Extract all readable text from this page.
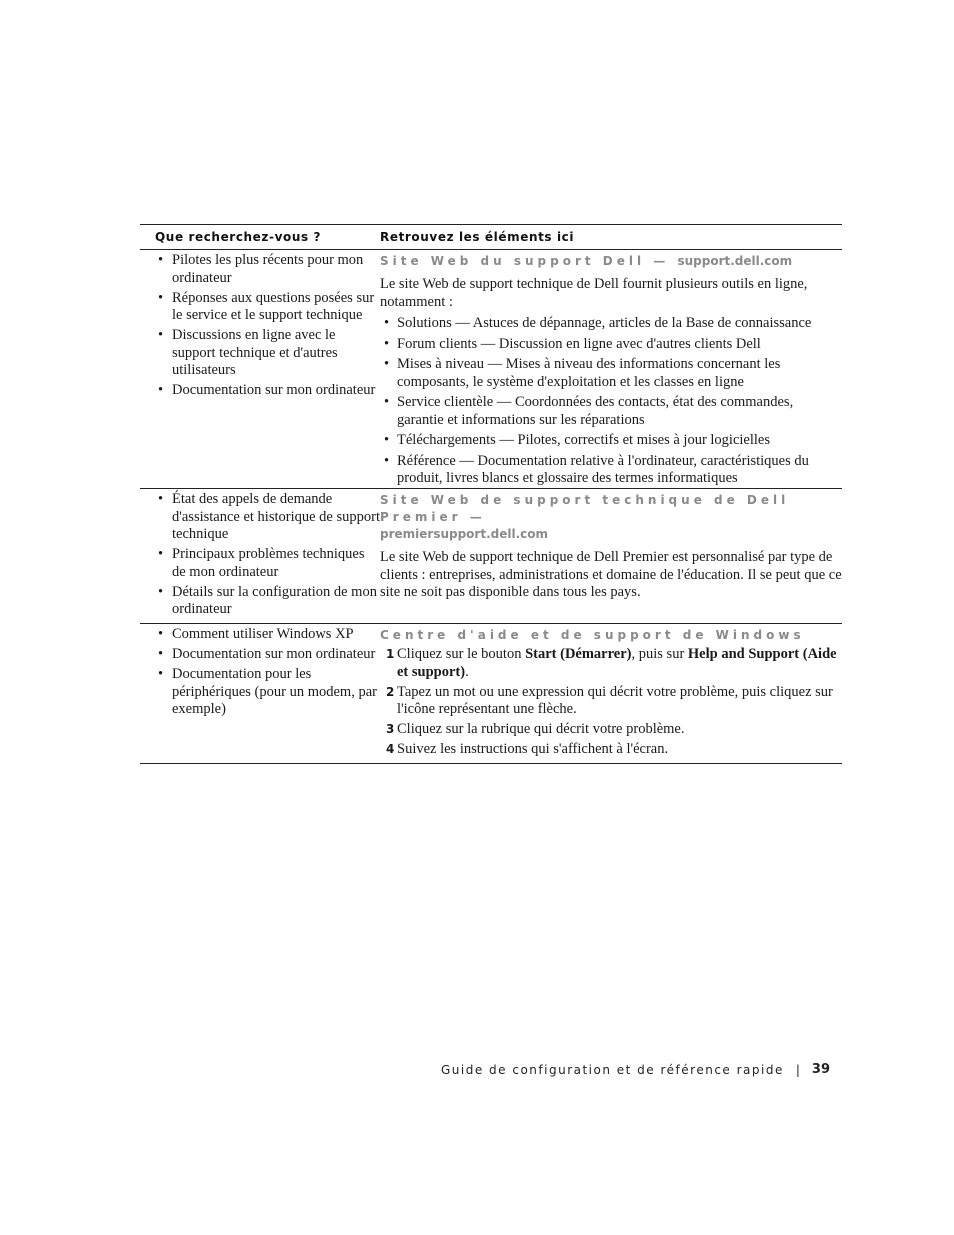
Que recherchez-vous ?	Retrouvez les éléments ici
• Pilotes les plus récents pour mon ordinateur
• Réponses aux questions posées sur le service et le support technique
• Discussions en ligne avec le support technique et d'autres utilisateurs
• Documentation sur mon ordinateur
Site Web du support Dell — support.dell.com
Le site Web de support technique de Dell fournit plusieurs outils en ligne, notamment :
• Solutions — Astuces de dépannage, articles de la Base de connaissance
• Forum clients — Discussion en ligne avec d'autres clients Dell
• Mises à niveau — Mises à niveau des informations concernant les composants, le système d'exploitation et les classes en ligne
• Service clientèle — Coordonnées des contacts, état des commandes, garantie et informations sur les réparations
• Téléchargements — Pilotes, correctifs et mises à jour logicielles
• Référence — Documentation relative à l'ordinateur, caractéristiques du produit, livres blancs et glossaire des termes informatiques
• État des appels de demande d'assistance et historique de support technique
• Principaux problèmes techniques de mon ordinateur
• Détails sur la configuration de mon ordinateur
Site Web de support technique de Dell Premier —
premiersupport.dell.com
Le site Web de support technique de Dell Premier est personnalisé par type de clients : entreprises, administrations et domaine de l'éducation. Il se peut que ce site ne soit pas disponible dans tous les pays.
• Comment utiliser Windows XP
• Documentation sur mon ordinateur
• Documentation pour les périphériques (pour un modem, par exemple)
Centre d'aide et de support de Windows
1 Cliquez sur le bouton Start (Démarrer), puis sur Help and Support (Aide et support).
2 Tapez un mot ou une expression qui décrit votre problème, puis cliquez sur l'icône représentant une flèche.
3 Cliquez sur la rubrique qui décrit votre problème.
4 Suivez les instructions qui s'affichent à l'écran.
Guide de configuration et de référence rapide | 39
